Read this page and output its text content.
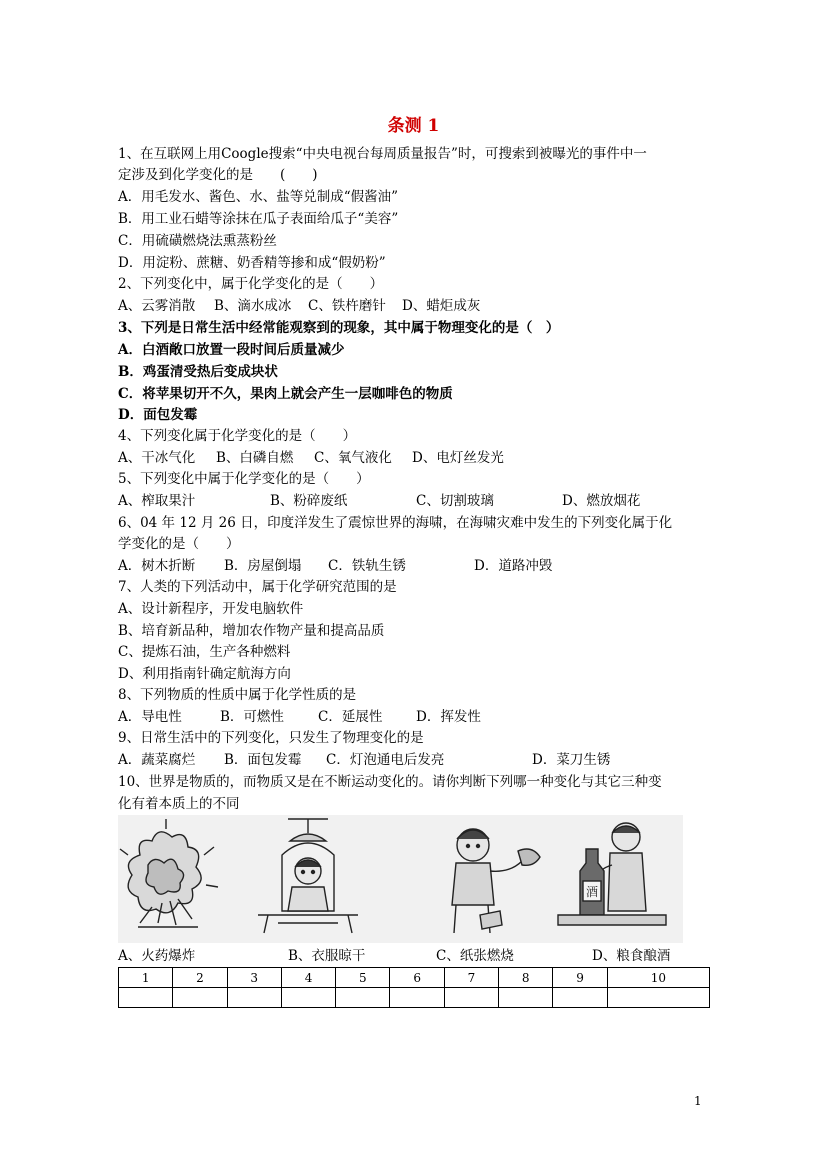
条测 1
1、在互联网上用Coogle搜索“中央电视台每周质量报告”时，可搜索到被曝光的事件中一
定涉及到化学变化的是　　(　　)
A．用毛发水、酱色、水、盐等兑制成“假酱油”
B．用工业石蜡等涂抹在瓜子表面给瓜子“美容”
C．用硫磺燃烧法熏蒸粉丝
D．用淀粉、蔗糖、奶香精等掺和成“假奶粉”
2、下列变化中，属于化学变化的是（　　）
A、云雾消散 B、滴水成冰 C、铁杵磨针 D、蜡炬成灰
3、下列是日常生活中经常能观察到的现象，其中属于物理变化的是（　）
A．白酒敞口放置一段时间后质量减少
B．鸡蛋清受热后变成块状
C．将苹果切开不久，果肉上就会产生一层咖啡色的物质
D．面包发霉
4、下列变化属于化学变化的是（　　）
A、干冰气化 B、白磷自燃 C、氧气液化 D、电灯丝发光
5、下列变化中属于化学变化的是（　　）
A、榨取果汁	B、粉碎废纸	C、切割玻璃	D、燃放烟花
6、04 年 12 月 26 日，印度洋发生了震惊世界的海啸，在海啸灾难中发生的下列变化属于化
学变化的是（　　）
A．树木折断 B．房屋倒塌 C．铁轨生锈	D．道路冲毁
7、人类的下列活动中，属于化学研究范围的是
A、设计新程序，开发电脑软件
B、培育新品种，增加农作物产量和提高品质
C、提炼石油，生产各种燃料
D、利用指南针确定航海方向
8、下列物质的性质中属于化学性质的是
A．导电性	B．可燃性	C．延展性 D．挥发性
9、日常生活中的下列变化，只发生了物理变化的是
A．蔬菜腐烂 B．面包发霉 C．灯泡通电后发亮	D．菜刀生锈
10、世界是物质的，而物质又是在不断运动变化的。请你判断下列哪一种变化与其它三种变
化有着本质上的不同
酒
A、火药爆炸	B、衣服晾干	C、纸张燃烧	D、粮食酿酒
1	2	3	4	5	6	7	8	9	10

1
